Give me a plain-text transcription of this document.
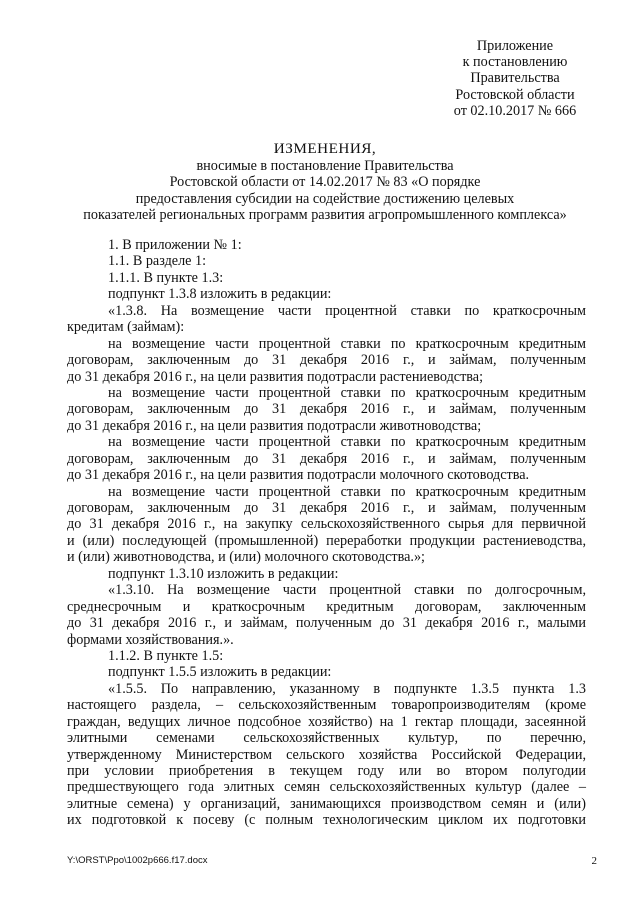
Приложение
к постановлению
Правительства
Ростовской области
от 02.10.2017 № 666
ИЗМЕНЕНИЯ,
вносимые в постановление Правительства
Ростовской области от 14.02.2017 № 83 «О порядке
предоставления субсидии на содействие достижению целевых
показателей региональных программ развития агропромышленного комплекса»
1. В приложении № 1:
1.1. В разделе 1:
1.1.1. В пункте 1.3:
подпункт 1.3.8 изложить в редакции:
«1.3.8. На возмещение части процентной ставки по краткосрочным
кредитам (займам):
на возмещение части процентной ставки по краткосрочным кредитным
договорам, заключенным до 31 декабря 2016 г., и займам, полученным
до 31 декабря 2016 г., на цели развития подотрасли растениеводства;
на возмещение части процентной ставки по краткосрочным кредитным
договорам, заключенным до 31 декабря 2016 г., и займам, полученным
до 31 декабря 2016 г., на цели развития подотрасли животноводства;
на возмещение части процентной ставки по краткосрочным кредитным
договорам, заключенным до 31 декабря 2016 г., и займам, полученным
до 31 декабря 2016 г., на цели развития подотрасли молочного скотоводства.
на возмещение части процентной ставки по краткосрочным кредитным
договорам, заключенным до 31 декабря 2016 г., и займам, полученным
до 31 декабря 2016 г., на закупку сельскохозяйственного сырья для первичной
и (или) последующей (промышленной) переработки продукции растениеводства,
и (или) животноводства, и (или) молочного скотоводства.»;
подпункт 1.3.10 изложить в редакции:
«1.3.10. На возмещение части процентной ставки по долгосрочным,
среднесрочным и краткосрочным кредитным договорам, заключенным
до 31 декабря 2016 г., и займам, полученным до 31 декабря 2016 г., малыми
формами хозяйствования.».
1.1.2. В пункте 1.5:
подпункт 1.5.5 изложить в редакции:
«1.5.5. По направлению, указанному в подпункте 1.3.5 пункта 1.3
настоящего раздела, – сельскохозяйственным товаропроизводителям (кроме
граждан, ведущих личное подсобное хозяйство) на 1 гектар площади, засеянной
элитными семенами сельскохозяйственных культур, по перечню,
утвержденному Министерством сельского хозяйства Российской Федерации,
при условии приобретения в текущем году или во втором полугодии
предшествующего года элитных семян сельскохозяйственных культур (далее –
элитные семена) у организаций, занимающихся производством семян и (или)
их подготовкой к посеву (с полным технологическим циклом их подготовки
Y:\ORST\Ppo\1002p666.f17.docx	2
